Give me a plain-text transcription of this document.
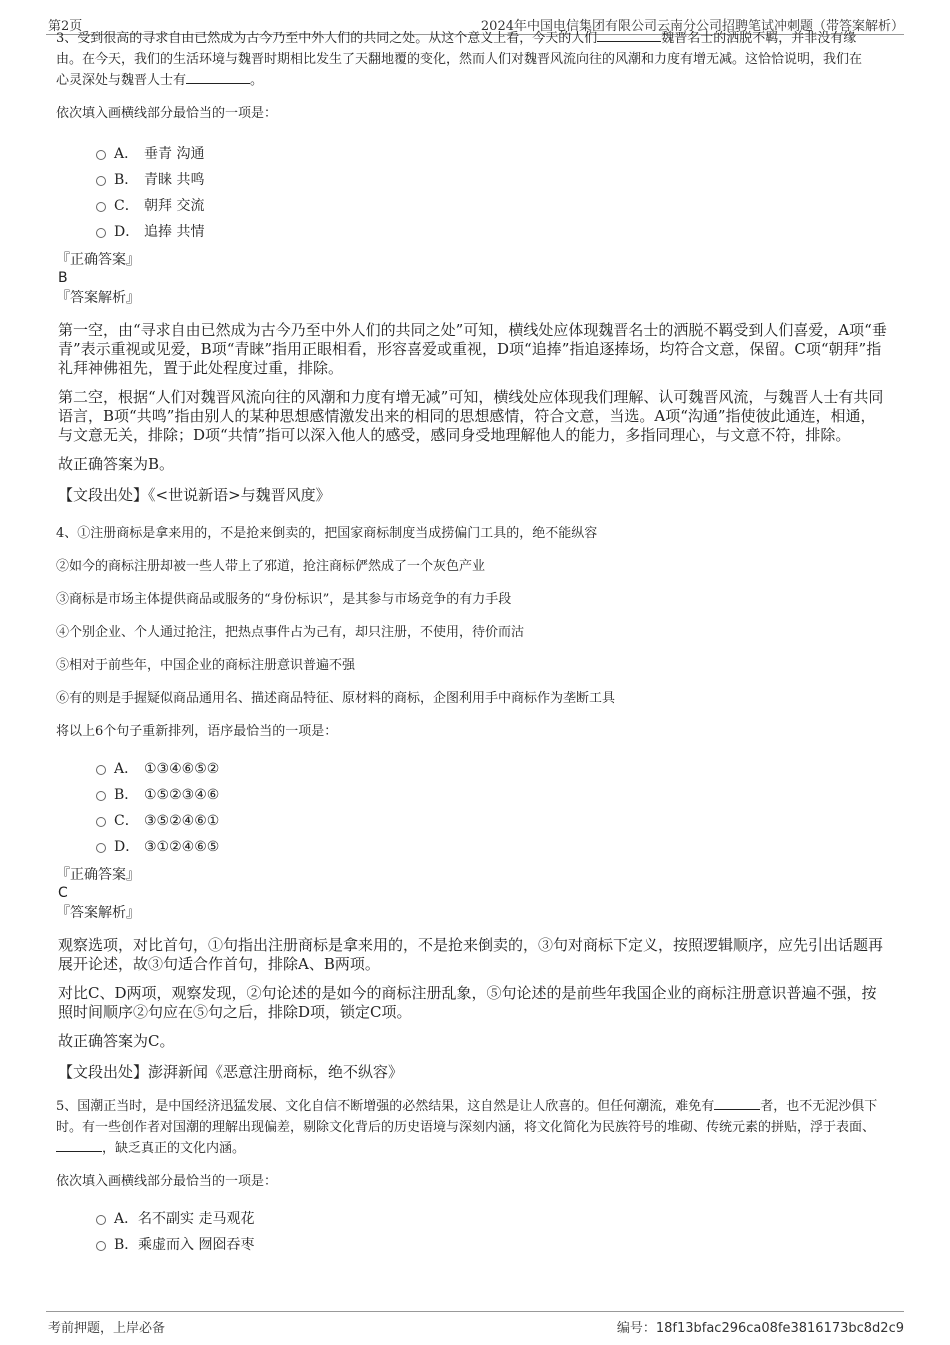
第2页	2024年中国电信集团有限公司云南分公司招聘笔试冲刺题（带答案解析）

3、受到很高的寻求自由已然成为古今乃至中外人们的共同之处。从这个意义上看，今天的人们	魏晋名士的洒脱不羁，并非没有缘
由。在今天，我们的生活环境与魏晋时期相比发生了天翻地覆的变化，然而人们对魏晋风流向往的风潮和力度有增无减。这恰恰说明，我们在
心灵深处与魏晋人士有	。

依次填入画横线部分最恰当的一项是：

A． 垂青 沟通
B． 青睐 共鸣
C． 朝拜 交流
D． 追捧 共情

『正确答案』

B

『答案解析』

第一空，由“寻求自由已然成为古今乃至中外人们的共同之处”可知，横线处应体现魏晋名士的洒脱不羁受到人们喜爱，A项“垂青”表示重视或见爱，B项“青睐”指用正眼相看，形容喜爱或重视，D项“追捧”指追逐捧场，均符合文意，保留。C项“朝拜”指礼拜神佛祖先，置于此处程度过重，排除。

第二空，根据“人们对魏晋风流向往的风潮和力度有增无减”可知，横线处应体现我们理解、认可魏晋风流，与魏晋人士有共同语言，B项“共鸣”指由别人的某种思想感情激发出来的相同的思想感情，符合文意，当选。A项“沟通”指使彼此通连，相通，与文意无关，排除；D项“共情”指可以深入他人的感受，感同身受地理解他人的能力，多指同理心，与文意不符，排除。

故正确答案为B。

【文段出处】《<世说新语>与魏晋风度》

4、①注册商标是拿来用的，不是抢来倒卖的，把国家商标制度当成捞偏门工具的，绝不能纵容

②如今的商标注册却被一些人带上了邪道，抢注商标俨然成了一个灰色产业

③商标是市场主体提供商品或服务的“身份标识”，是其参与市场竞争的有力手段

④个别企业、个人通过抢注，把热点事件占为己有，却只注册，不使用，待价而沽

⑤相对于前些年，中国企业的商标注册意识普遍不强

⑥有的则是手握疑似商品通用名、描述商品特征、原材料的商标，企图利用手中商标作为垄断工具

将以上6个句子重新排列，语序最恰当的一项是：

A． ①③④⑥⑤②
B． ①⑤②③④⑥
C． ③⑤②④⑥①
D． ③①②④⑥⑤

『正确答案』

C

『答案解析』

观察选项，对比首句，①句指出注册商标是拿来用的，不是抢来倒卖的，③句对商标下定义，按照逻辑顺序，应先引出话题再展开论述，故③句适合作首句，排除A、B两项。

对比C、D两项，观察发现，②句论述的是如今的商标注册乱象，⑤句论述的是前些年我国企业的商标注册意识普遍不强，按照时间顺序②句应在⑤句之后，排除D项，锁定C项。

故正确答案为C。

【文段出处】澎湃新闻《恶意注册商标，绝不纵容》

5、国潮正当时，是中国经济迅猛发展、文化自信不断增强的必然结果，这自然是让人欣喜的。但任何潮流，难免有	者，也不无泥沙俱下时。有一些创作者对国潮的理解出现偏差，剔除文化背后的历史语境与深刻内涵，将文化简化为民族符号的堆砌、传统元素的拼贴，浮于表面、，缺乏真正的文化内涵。

依次填入画横线部分最恰当的一项是：

A．名不副实 走马观花
B．乘虚而入 囫囵吞枣
考前押题，上岸必备	编号：18f13bfac296ca08fe3816173bc8d2c9
